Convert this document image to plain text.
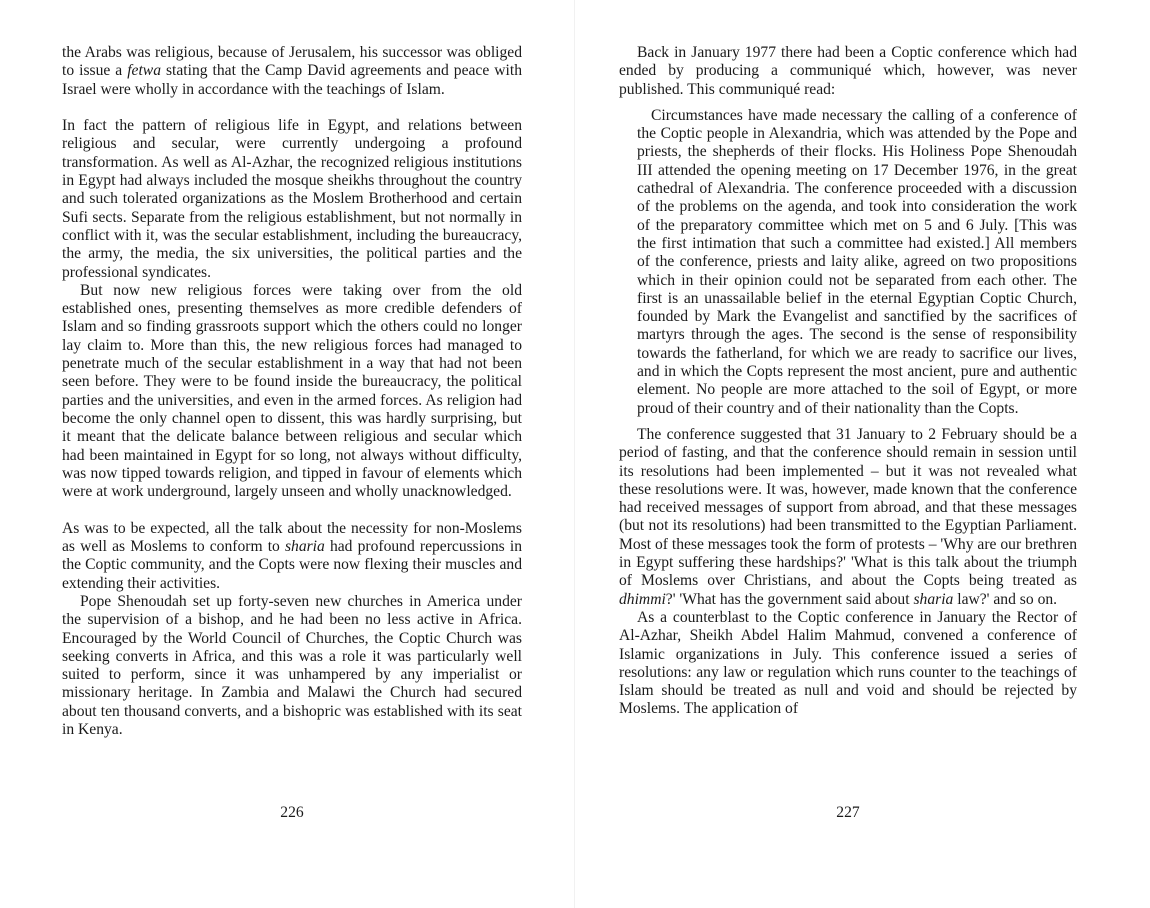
the Arabs was religious, because of Jerusalem, his successor was obliged to issue a fetwa stating that the Camp David agreements and peace with Israel were wholly in accordance with the teachings of Islam.

In fact the pattern of religious life in Egypt, and relations between religious and secular, were currently undergoing a profound transformation. As well as Al-Azhar, the recognized religious institutions in Egypt had always included the mosque sheikhs throughout the country and such tolerated organizations as the Moslem Brotherhood and certain Sufi sects. Separate from the religious establishment, but not normally in conflict with it, was the secular establishment, including the bureaucracy, the army, the media, the six universities, the political parties and the professional syndicates.

But now new religious forces were taking over from the old established ones, presenting themselves as more credible defenders of Islam and so finding grassroots support which the others could no longer lay claim to. More than this, the new religious forces had managed to penetrate much of the secular establishment in a way that had not been seen before. They were to be found inside the bureaucracy, the political parties and the universities, and even in the armed forces. As religion had become the only channel open to dissent, this was hardly surprising, but it meant that the delicate balance between religious and secular which had been maintained in Egypt for so long, not always without difficulty, was now tipped towards religion, and tipped in favour of elements which were at work underground, largely unseen and wholly unacknowledged.

As was to be expected, all the talk about the necessity for non-Moslems as well as Moslems to conform to sharia had profound repercussions in the Coptic community, and the Copts were now flexing their muscles and extending their activities.

Pope Shenoudah set up forty-seven new churches in America under the supervision of a bishop, and he had been no less active in Africa. Encouraged by the World Council of Churches, the Coptic Church was seeking converts in Africa, and this was a role it was particularly well suited to perform, since it was unhampered by any imperialist or missionary heritage. In Zambia and Malawi the Church had secured about ten thousand converts, and a bishopric was established with its seat in Kenya.

226

Back in January 1977 there had been a Coptic conference which had ended by producing a communiqué which, however, was never published. This communiqué read:

Circumstances have made necessary the calling of a conference of the Coptic people in Alexandria, which was attended by the Pope and priests, the shepherds of their flocks. His Holiness Pope Shenoudah III attended the opening meeting on 17 December 1976, in the great cathedral of Alexandria. The conference proceeded with a discussion of the problems on the agenda, and took into consideration the work of the preparatory committee which met on 5 and 6 July. [This was the first intimation that such a committee had existed.] All members of the conference, priests and laity alike, agreed on two propositions which in their opinion could not be separated from each other. The first is an unassailable belief in the eternal Egyptian Coptic Church, founded by Mark the Evangelist and sanctified by the sacrifices of martyrs through the ages. The second is the sense of responsibility towards the fatherland, for which we are ready to sacrifice our lives, and in which the Copts represent the most ancient, pure and authentic element. No people are more attached to the soil of Egypt, or more proud of their country and of their nationality than the Copts.

The conference suggested that 31 January to 2 February should be a period of fasting, and that the conference should remain in session until its resolutions had been implemented – but it was not revealed what these resolutions were. It was, however, made known that the conference had received messages of support from abroad, and that these messages (but not its resolutions) had been transmitted to the Egyptian Parliament. Most of these messages took the form of protests – 'Why are our brethren in Egypt suffering these hardships?' 'What is this talk about the triumph of Moslems over Christians, and about the Copts being treated as dhimmi?' 'What has the government said about sharia law?' and so on.

As a counterblast to the Coptic conference in January the Rector of Al-Azhar, Sheikh Abdel Halim Mahmud, convened a conference of Islamic organizations in July. This conference issued a series of resolutions: any law or regulation which runs counter to the teachings of Islam should be treated as null and void and should be rejected by Moslems. The application of

227
